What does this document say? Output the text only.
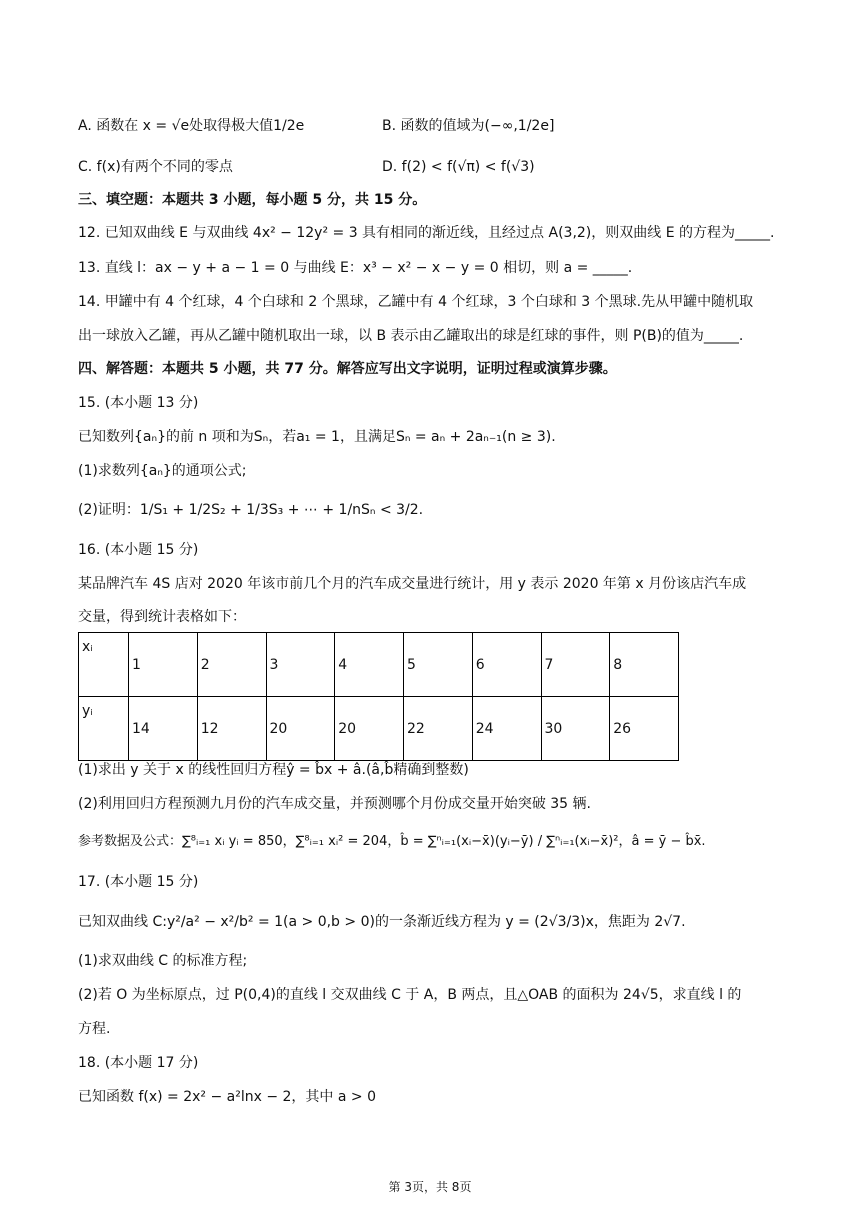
A. 函数在 x = √e处取得极大值1/2e	B. 函数的值域为(−∞,1/2e]
C. f(x)有两个不同的零点	D. f(2) < f(√π) < f(√3)
三、填空题：本题共 3 小题，每小题 5 分，共 15 分。
12. 已知双曲线 E 与双曲线 4x² − 12y² = 3 具有相同的渐近线，且经过点 A(3,2)，则双曲线 E 的方程为_____.
13. 直线 l：ax − y + a − 1 = 0 与曲线 E：x³ − x² − x − y = 0 相切，则 a = _____.
14. 甲罐中有 4 个红球，4 个白球和 2 个黑球，乙罐中有 4 个红球，3 个白球和 3 个黑球.先从甲罐中随机取
出一球放入乙罐，再从乙罐中随机取出一球，以 B 表示由乙罐取出的球是红球的事件，则 P(B)的值为_____.
四、解答题：本题共 5 小题，共 77 分。解答应写出文字说明，证明过程或演算步骤。
15. (本小题 13 分)
已知数列{aₙ}的前 n 项和为Sₙ，若a₁ = 1，且满足Sₙ = aₙ + 2aₙ₋₁(n ≥ 3).
(1)求数列{aₙ}的通项公式;
(2)证明：1/S₁ + 1/2S₂ + 1/3S₃ + ⋯ + 1/nSₙ < 3/2.
16. (本小题 15 分)
某品牌汽车 4S 店对 2020 年该市前几个月的汽车成交量进行统计，用 y 表示 2020 年第 x 月份该店汽车成
交量，得到统计表格如下：
xᵢ	1	2	3	4	5	6	7	8
yᵢ	14	12	20	20	22	24	30	26
(1)求出 y 关于 x 的线性回归方程ŷ = b̂x + â.(â,b̂精确到整数)
(2)利用回归方程预测九月份的汽车成交量，并预测哪个月份成交量开始突破 35 辆.
参考数据及公式：∑⁸ᵢ₌₁ xᵢ yᵢ = 850，∑⁸ᵢ₌₁ xᵢ² = 204，b̂ = ∑ⁿᵢ₌₁(xᵢ−x̄)(yᵢ−ȳ) / ∑ⁿᵢ₌₁(xᵢ−x̄)²，â = ȳ − b̂x̄.
17. (本小题 15 分)
已知双曲线 C:y²/a² − x²/b² = 1(a > 0,b > 0)的一条渐近线方程为 y = (2√3/3)x，焦距为 2√7.
(1)求双曲线 C 的标准方程;
(2)若 O 为坐标原点，过 P(0,4)的直线 l 交双曲线 C 于 A，B 两点，且△OAB 的面积为 24√5，求直线 l 的
方程.
18. (本小题 17 分)
已知函数 f(x) = 2x² − a²lnx − 2，其中 a > 0
第 3页，共 8页
